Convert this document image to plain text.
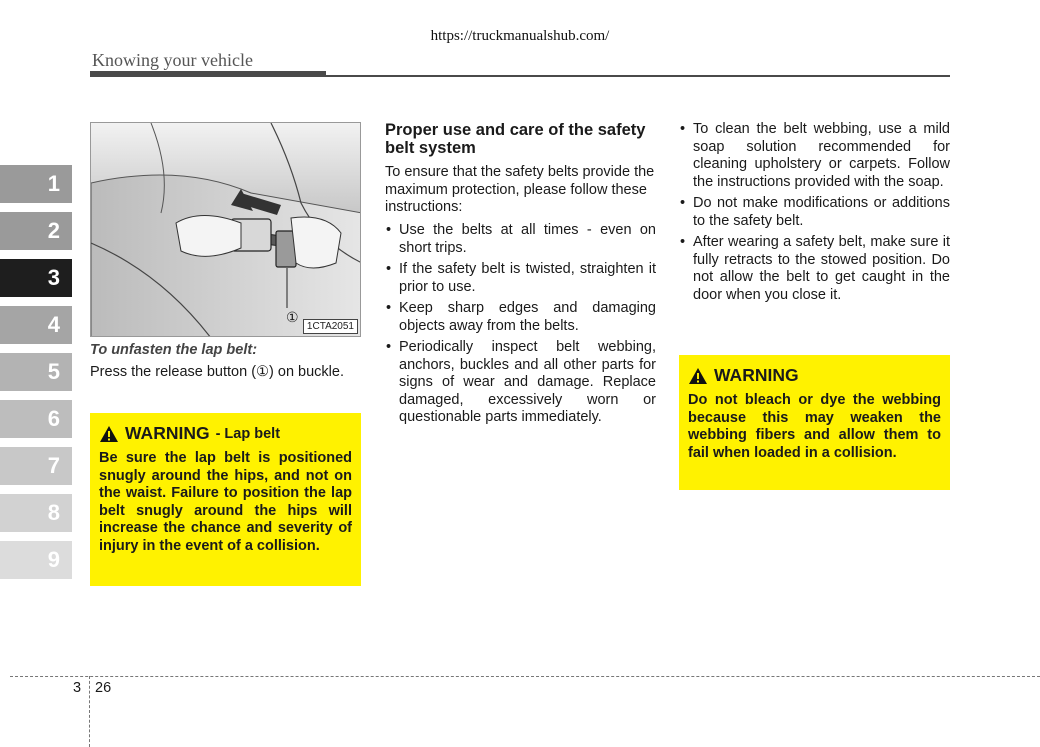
https://truckmanualshub.com/
Knowing your vehicle
1
2
3
4
5
6
7
8
9
①
1CTA2051
To unfasten the lap belt:
Press the release button (①) on buckle.
WARNING - Lap belt
Be sure the lap belt is positioned snugly around the hips, and not on the waist. Failure to position the lap belt snugly around the hips will increase the chance and severity of injury in the event of a collision.
Proper use and care of the safety belt system
To ensure that the safety belts provide the maximum protection, please follow these instructions:
• Use the belts at all times - even on short trips.
• If the safety belt is twisted, straighten it prior to use.
• Keep sharp edges and damaging objects away from the belts.
• Periodically inspect belt webbing, anchors, buckles and all other parts for signs of wear and damage. Replace damaged, excessively worn or questionable parts immediately.
• To clean the belt webbing, use a mild soap solution recommended for cleaning upholstery or carpets. Follow the instructions provided with the soap.
• Do not make modifications or additions to the safety belt.
• After wearing a safety belt, make sure it fully retracts to the stowed position. Do not allow the belt to get caught in the door when you close it.
WARNING
Do not bleach or dye the webbing because this may weaken the webbing fibers and allow them to fail when loaded in a collision.
3 26
